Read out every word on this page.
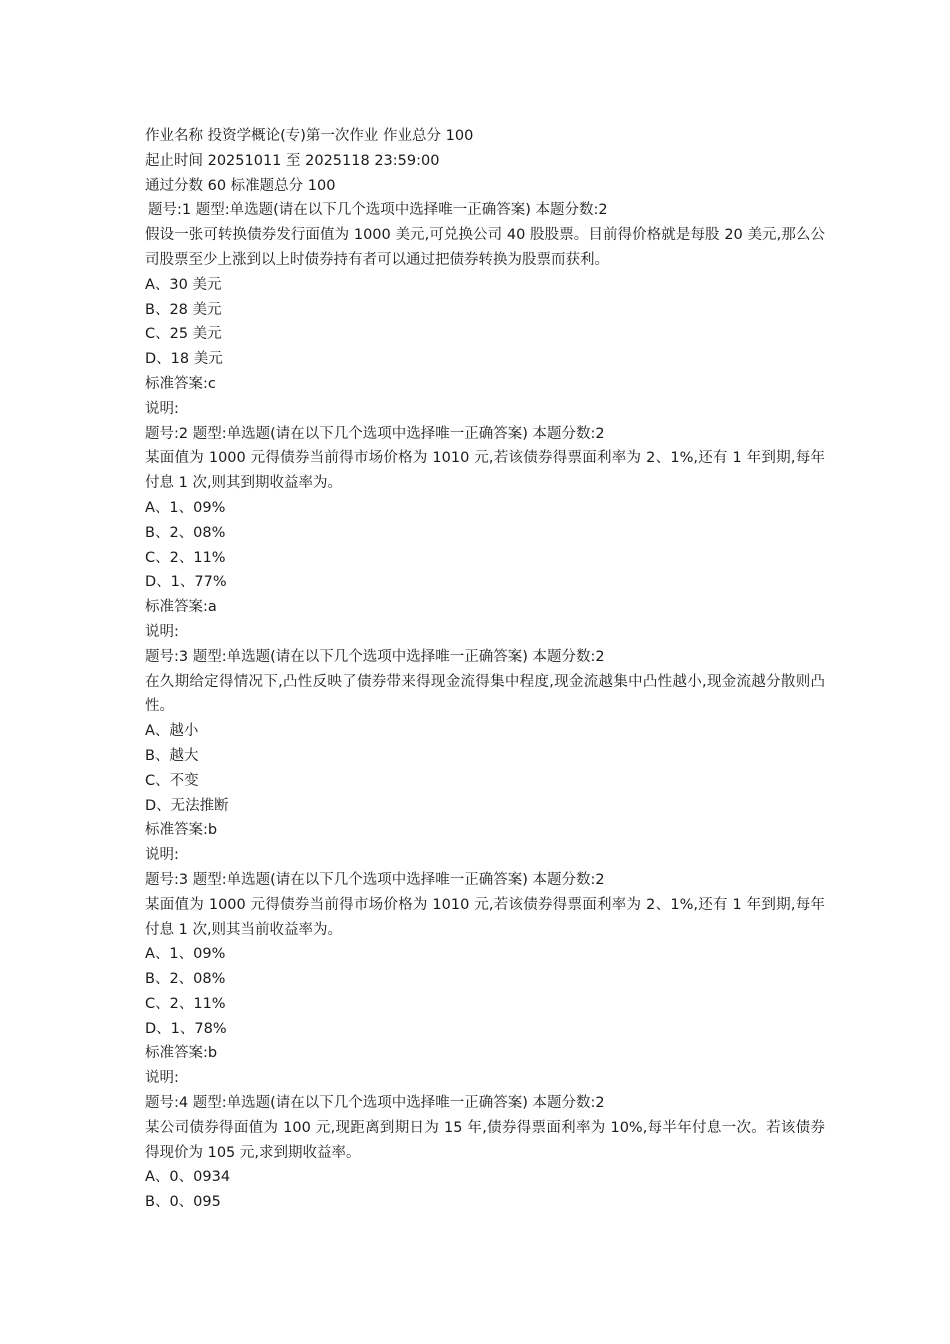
作业名称 投资学概论(专)第一次作业 作业总分 100
起止时间 20251011 至 2025118 23:59:00
通过分数 60 标准题总分 100
题号:1 题型:单选题(请在以下几个选项中选择唯一正确答案) 本题分数:2
假设一张可转换债券发行面值为 1000 美元,可兑换公司 40 股股票。目前得价格就是每股 20 美元,那么公司股票至少上涨到以上时债券持有者可以通过把债券转换为股票而获利。
A、30 美元
B、28 美元
C、25 美元
D、18 美元
标准答案:c
说明:
题号:2 题型:单选题(请在以下几个选项中选择唯一正确答案) 本题分数:2
某面值为 1000 元得债券当前得市场价格为 1010 元,若该债券得票面利率为 2、1%,还有 1 年到期,每年付息 1 次,则其到期收益率为。
A、1、09%
B、2、08%
C、2、11%
D、1、77%
标准答案:a
说明:
题号:3 题型:单选题(请在以下几个选项中选择唯一正确答案) 本题分数:2
在久期给定得情况下,凸性反映了债券带来得现金流得集中程度,现金流越集中凸性越小,现金流越分散则凸性。
A、越小
B、越大
C、不变
D、无法推断
标准答案:b
说明:
题号:3 题型:单选题(请在以下几个选项中选择唯一正确答案) 本题分数:2
某面值为 1000 元得债券当前得市场价格为 1010 元,若该债券得票面利率为 2、1%,还有 1 年到期,每年付息 1 次,则其当前收益率为。
A、1、09%
B、2、08%
C、2、11%
D、1、78%
标准答案:b
说明:
题号:4 题型:单选题(请在以下几个选项中选择唯一正确答案) 本题分数:2
某公司债券得面值为 100 元,现距离到期日为 15 年,债券得票面利率为 10%,每半年付息一次。若该债券得现价为 105 元,求到期收益率。
A、0、0934
B、0、095
